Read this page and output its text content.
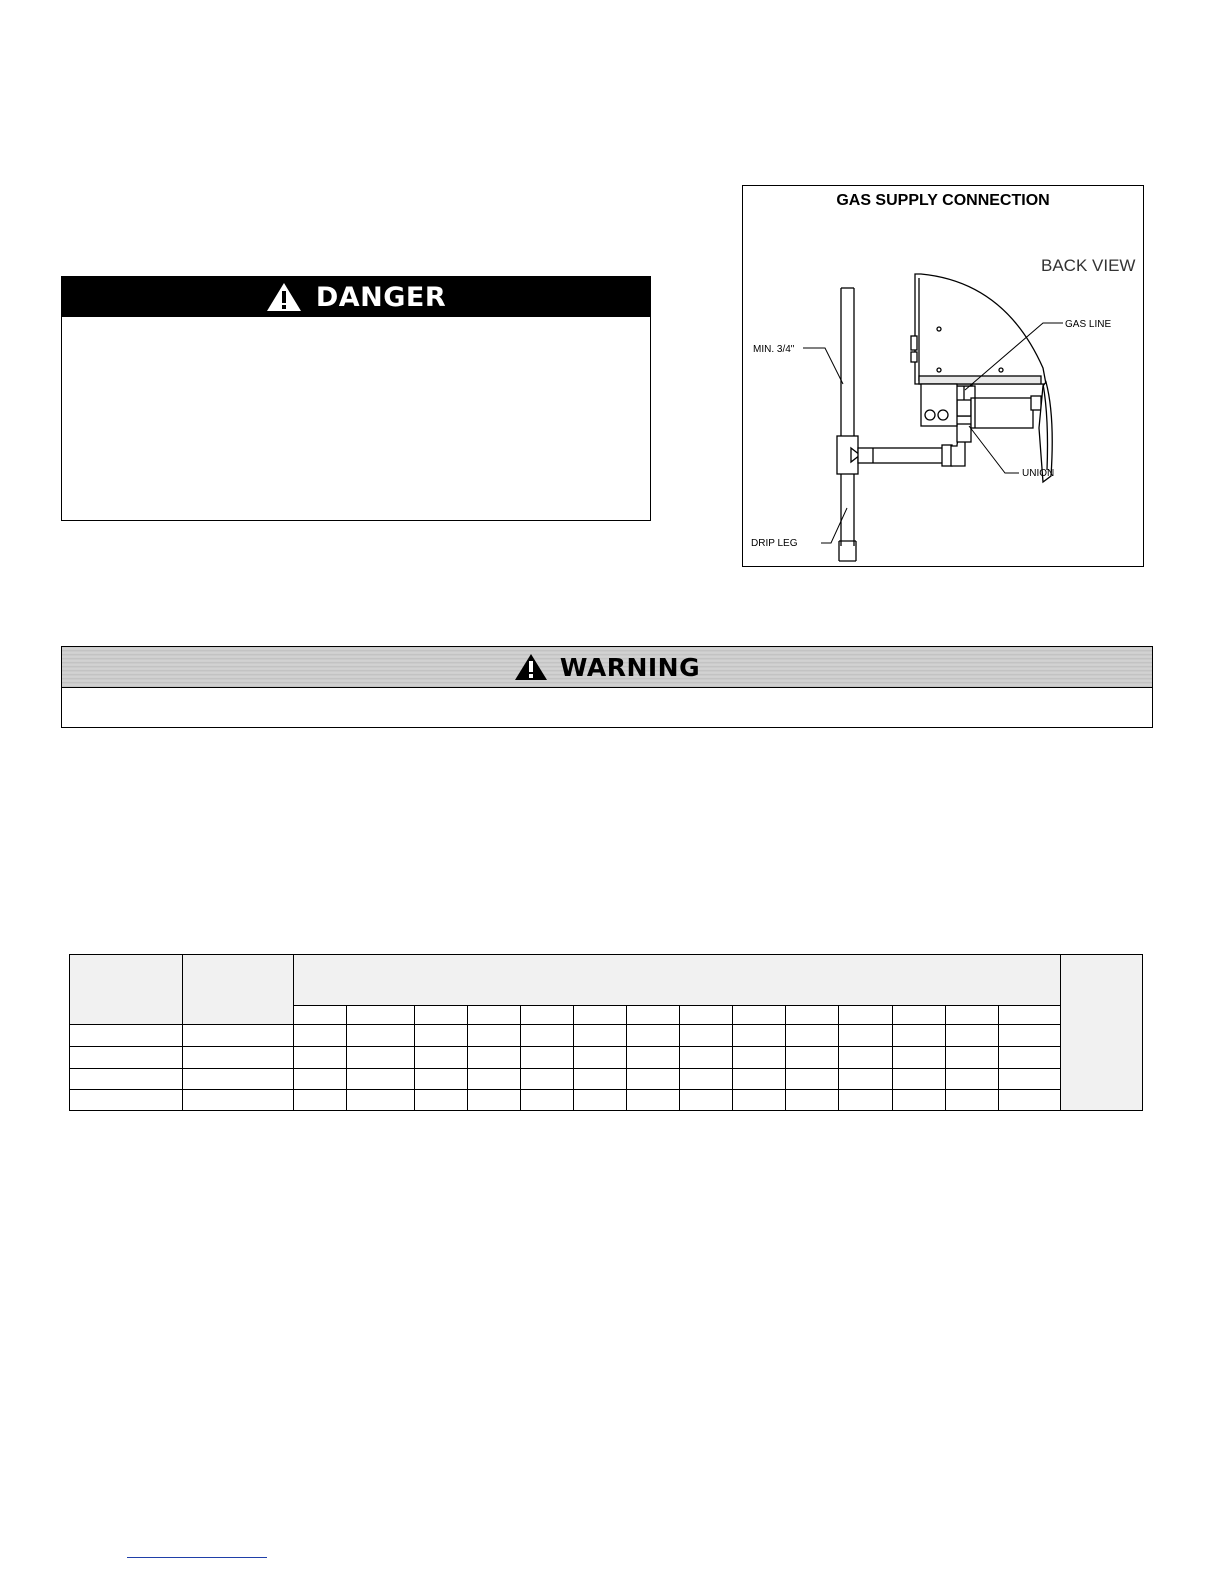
DANGER
GAS SUPPLY CONNECTION
BACK VIEW
MIN. 3/4"
GAS LINE
UNION
DRIP LEG
WARNING
